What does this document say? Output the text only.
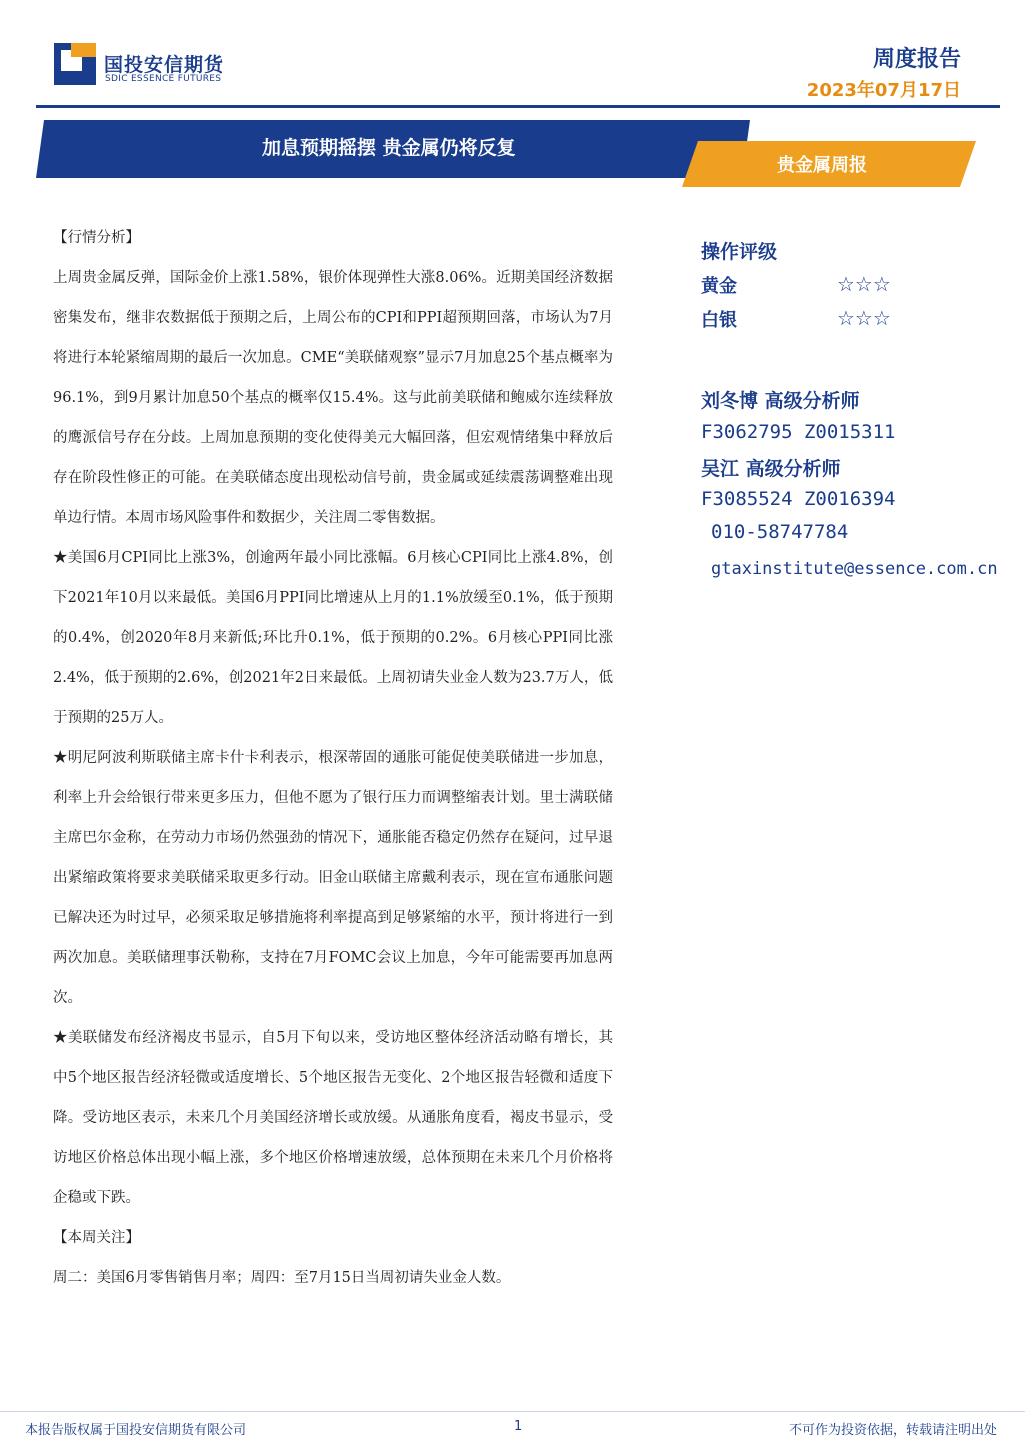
国投安信期货
SDIC ESSENCE FUTURES
周度报告
2023年07月17日
加息预期摇摆 贵金属仍将反复
贵金属周报
【行情分析】
上周贵金属反弹，国际金价上涨1.58%，银价体现弹性大涨8.06%。近期美国经济数据密集发布，继非农数据低于预期之后，上周公布的CPI和PPI超预期回落，市场认为7月将进行本轮紧缩周期的最后一次加息。CME“美联储观察”显示7月加息25个基点概率为96.1%，到9月累计加息50个基点的概率仅15.4%。这与此前美联储和鲍威尔连续释放的鹰派信号存在分歧。上周加息预期的变化使得美元大幅回落，但宏观情绪集中释放后存在阶段性修正的可能。在美联储态度出现松动信号前，贵金属或延续震荡调整难出现单边行情。本周市场风险事件和数据少，关注周二零售数据。
★美国6月CPI同比上涨3%，创逾两年最小同比涨幅。6月核心CPI同比上涨4.8%，创下2021年10月以来最低。美国6月PPI同比增速从上月的1.1%放缓至0.1%，低于预期的0.4%，创2020年8月来新低;环比升0.1%，低于预期的0.2%。6月核心PPI同比涨2.4%，低于预期的2.6%，创2021年2日来最低。上周初请失业金人数为23.7万人，低于预期的25万人。
★明尼阿波利斯联储主席卡什卡利表示，根深蒂固的通胀可能促使美联储进一步加息，利率上升会给银行带来更多压力，但他不愿为了银行压力而调整缩表计划。里士满联储主席巴尔金称，在劳动力市场仍然强劲的情况下，通胀能否稳定仍然存在疑问，过早退出紧缩政策将要求美联储采取更多行动。旧金山联储主席戴利表示，现在宣布通胀问题已解决还为时过早，必须采取足够措施将利率提高到足够紧缩的水平，预计将进行一到两次加息。美联储理事沃勒称，支持在7月FOMC会议上加息，今年可能需要再加息两次。
★美联储发布经济褐皮书显示，自5月下旬以来，受访地区整体经济活动略有增长，其中5个地区报告经济轻微或适度增长、5个地区报告无变化、2个地区报告轻微和适度下降。受访地区表示，未来几个月美国经济增长或放缓。从通胀角度看，褐皮书显示，受访地区价格总体出现小幅上涨，多个地区价格增速放缓，总体预期在未来几个月价格将企稳或下跌。
【本周关注】
周二：美国6月零售销售月率；周四：至7月15日当周初请失业金人数。
操作评级
黄金	☆☆☆
白银	☆☆☆
刘冬博 高级分析师
F3062795 Z0015311
吴江 高级分析师
F3085524 Z0016394
010-58747784
gtaxinstitute@essence.com.cn
本报告版权属于国投安信期货有限公司	1	不可作为投资依据，转载请注明出处
